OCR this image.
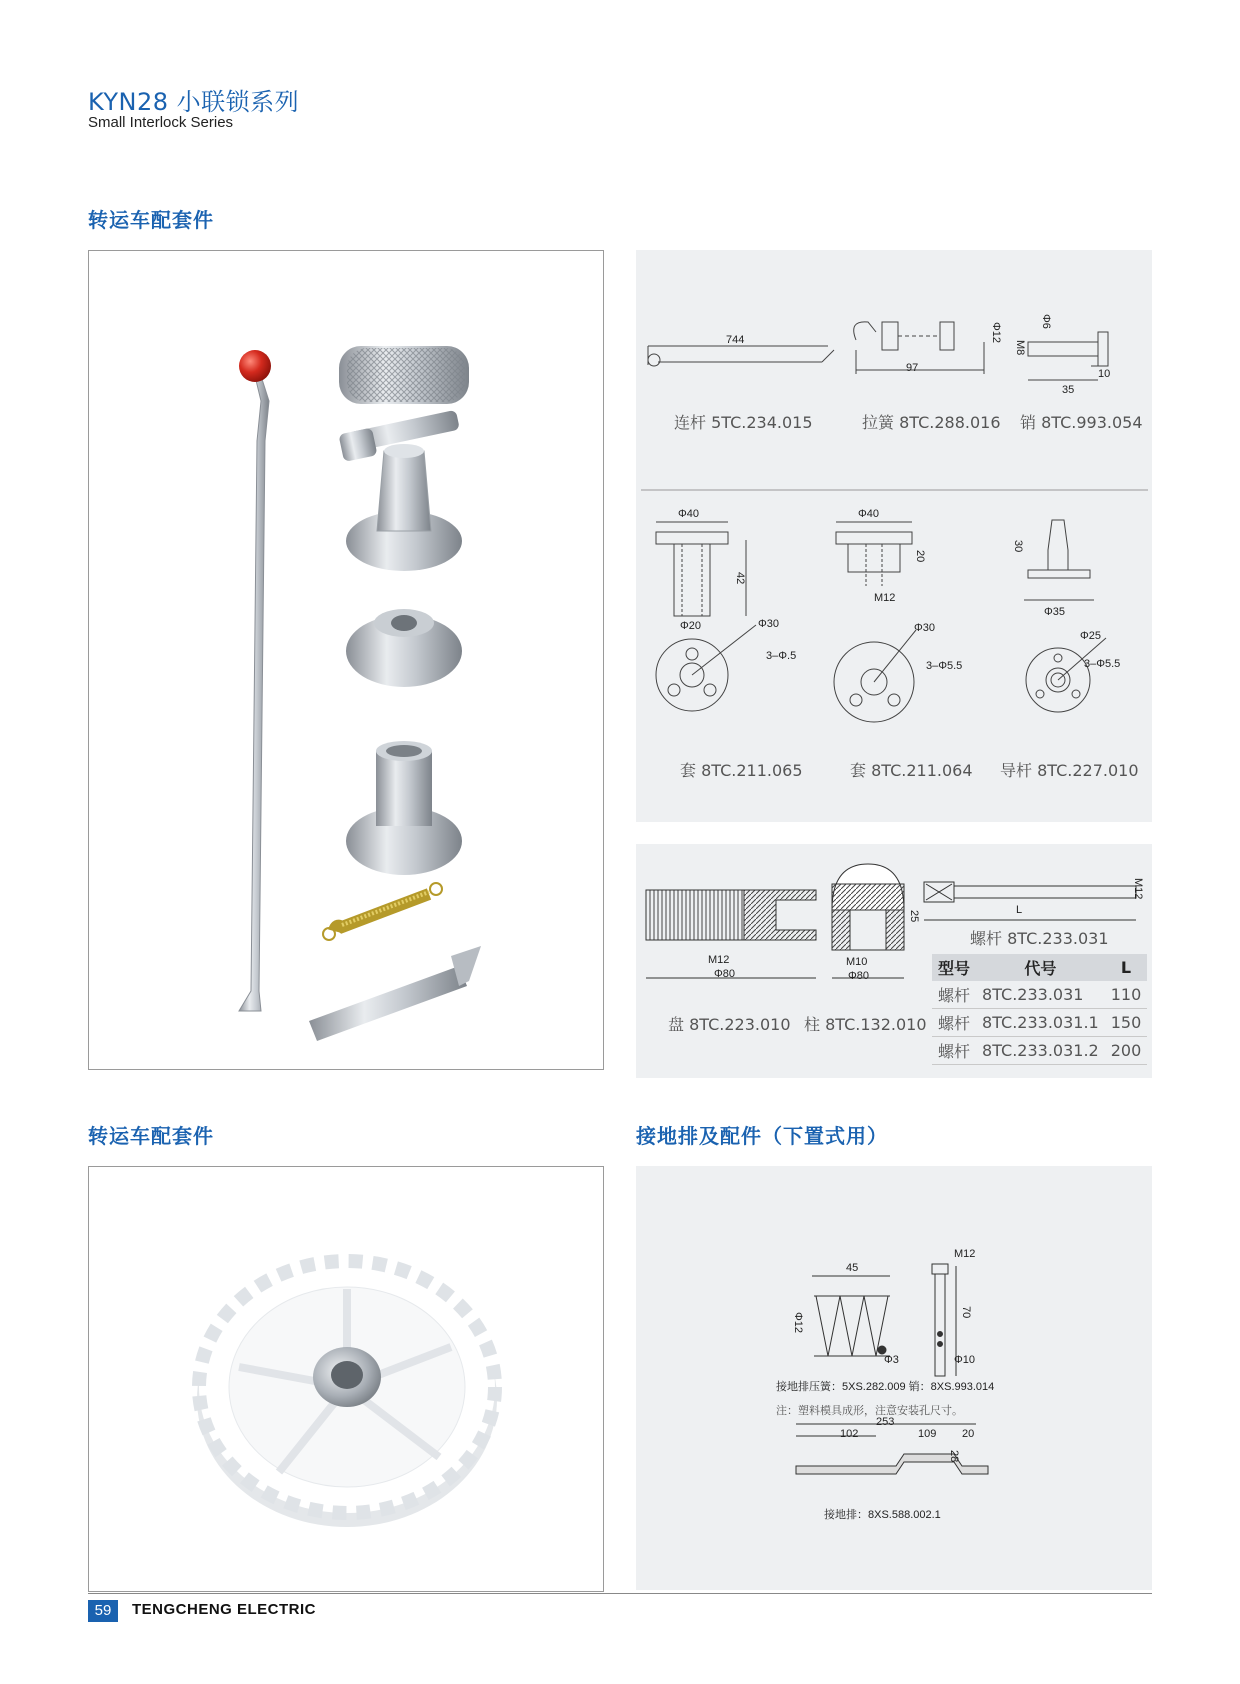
KYN28 小联锁系列
Small Interlock Series
转运车配套件
744
97
Φ12
Φ6
M8
35
10
连杆 5TC.234.015	拉簧 8TC.288.016 销 8TC.993.054
Φ40
42
Φ20	Φ30
3–Φ.5
Φ40
20
M12
Φ30
3–Φ5.5
30
Φ35
Φ25
3–Φ5.5
套 8TC.211.065	套 8TC.211.064 导杆 8TC.227.010
M12
Φ80
25
M10
Φ80
M12
L
螺杆 8TC.233.031
盘 8TC.223.010 柱 8TC.132.010
型号	代号	L
螺杆	8TC.233.031	110
螺杆	8TC.233.031.1	150
螺杆	8TC.233.031.2	200
转运车配套件	接地排及配件（下置式用）
45
Φ12
Φ3
M12
70
Φ10
接地排压簧：5XS.282.009 销：8XS.993.014
注：塑料模具成形，注意安装孔尺寸。
253
102	109 20
28
接地排：8XS.588.002.1
59	TENGCHENG ELECTRIC
